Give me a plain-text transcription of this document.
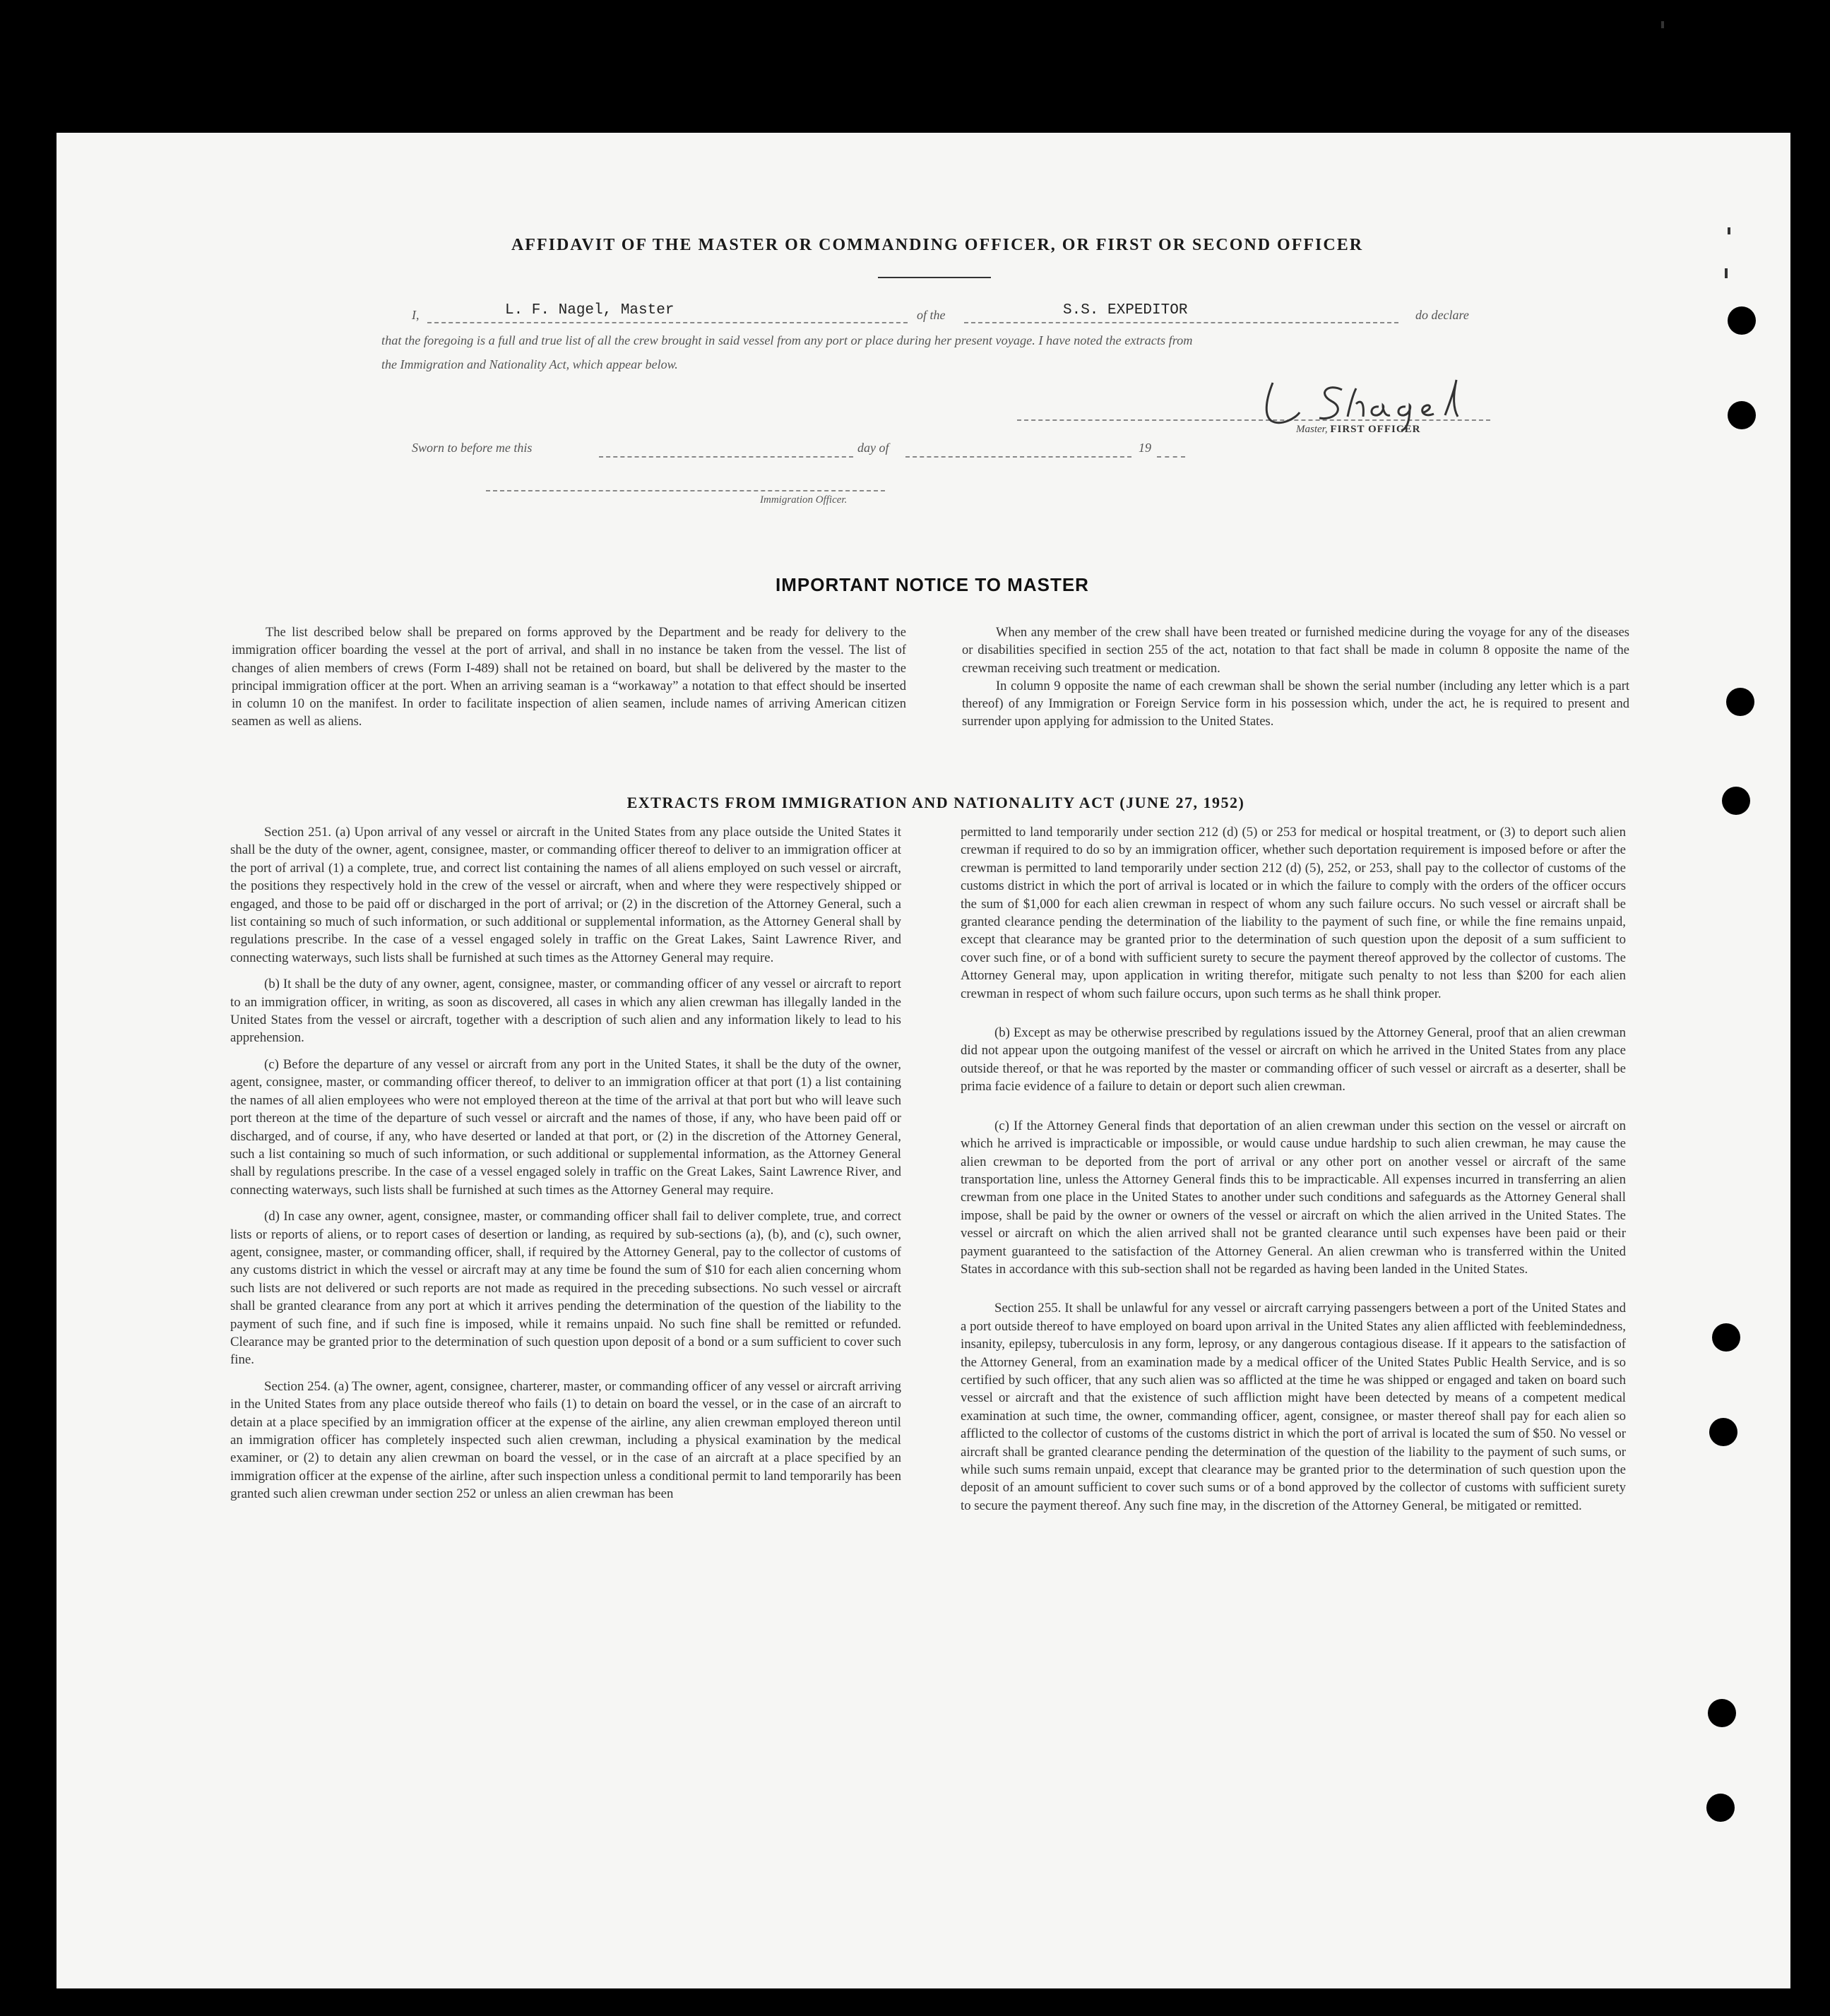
AFFIDAVIT OF THE MASTER OR COMMANDING OFFICER, OR FIRST OR SECOND OFFICER
I,	L. F. Nagel, Master	of the	S.S. EXPEDITOR	do declare
that the foregoing is a full and true list of all the crew brought in said vessel from any port or place during her present voyage. I have noted the extracts from
the Immigration and Nationality Act, which appear below.
Master, FIRST OFFICER
Sworn to before me this	day of	19
Immigration Officer.
IMPORTANT NOTICE TO MASTER

The list described below shall be prepared on forms approved by the Department and be ready for delivery to the immigration officer boarding the vessel at the port of arrival, and shall in no instance be taken from the vessel. The list of changes of alien members of crews (Form I-489) shall not be retained on board, but shall be delivered by the master to the principal immigration officer at the port. When an arriving seaman is a “workaway” a notation to that effect should be inserted in column 10 on the manifest. In order to facilitate inspection of alien seamen, include names of arriving American citizen seamen as well as aliens.

When any member of the crew shall have been treated or furnished medicine during the voyage for any of the diseases or disabilities specified in section 255 of the act, notation to that fact shall be made in column 8 opposite the name of the crewman receiving such treatment or medication.

In column 9 opposite the name of each crewman shall be shown the serial number (including any letter which is a part thereof) of any Immigration or Foreign Service form in his possession which, under the act, he is required to present and surrender upon applying for admission to the United States.

EXTRACTS FROM IMMIGRATION AND NATIONALITY ACT (JUNE 27, 1952)

Section 251. (a) Upon arrival of any vessel or aircraft in the United States from any place outside the United States it shall be the duty of the owner, agent, consignee, master, or commanding officer thereof to deliver to an immigration officer at the port of arrival (1) a complete, true, and correct list containing the names of all aliens employed on such vessel or aircraft, the positions they respectively hold in the crew of the vessel or aircraft, when and where they were respectively shipped or engaged, and those to be paid off or discharged in the port of arrival; or (2) in the discretion of the Attorney General, such a list containing so much of such information, or such additional or supplemental information, as the Attorney General shall by regulations prescribe. In the case of a vessel engaged solely in traffic on the Great Lakes, Saint Lawrence River, and connecting waterways, such lists shall be furnished at such times as the Attorney General may require.

(b) It shall be the duty of any owner, agent, consignee, master, or commanding officer of any vessel or aircraft to report to an immigration officer, in writing, as soon as discovered, all cases in which any alien crewman has illegally landed in the United States from the vessel or aircraft, together with a description of such alien and any information likely to lead to his apprehension.

(c) Before the departure of any vessel or aircraft from any port in the United States, it shall be the duty of the owner, agent, consignee, master, or commanding officer thereof, to deliver to an immigration officer at that port (1) a list containing the names of all alien employees who were not employed thereon at the time of the arrival at that port but who will leave such port thereon at the time of the departure of such vessel or aircraft and the names of those, if any, who have been paid off or discharged, and of course, if any, who have deserted or landed at that port, or (2) in the discretion of the Attorney General, such a list containing so much of such information, or such additional or supplemental information, as the Attorney General shall by regulations prescribe. In the case of a vessel engaged solely in traffic on the Great Lakes, Saint Lawrence River, and connecting waterways, such lists shall be furnished at such times as the Attorney General may require.

(d) In case any owner, agent, consignee, master, or commanding officer shall fail to deliver complete, true, and correct lists or reports of aliens, or to report cases of desertion or landing, as required by sub-sections (a), (b), and (c), such owner, agent, consignee, master, or commanding officer, shall, if required by the Attorney General, pay to the collector of customs of any customs district in which the vessel or aircraft may at any time be found the sum of $10 for each alien concerning whom such lists are not delivered or such reports are not made as required in the preceding subsections. No such vessel or aircraft shall be granted clearance from any port at which it arrives pending the determination of the question of the liability to the payment of such fine, and if such fine is imposed, while it remains unpaid. No such fine shall be remitted or refunded. Clearance may be granted prior to the determination of such question upon deposit of a bond or a sum sufficient to cover such fine.

Section 254. (a) The owner, agent, consignee, charterer, master, or commanding officer of any vessel or aircraft arriving in the United States from any place outside thereof who fails (1) to detain on board the vessel, or in the case of an aircraft to detain at a place specified by an immigration officer at the expense of the airline, any alien crewman employed thereon until an immigration officer has completely inspected such alien crewman, including a physical examination by the medical examiner, or (2) to detain any alien crewman on board the vessel, or in the case of an aircraft at a place specified by an immigration officer at the expense of the airline, after such inspection unless a conditional permit to land temporarily has been granted such alien crewman under section 252 or unless an alien crewman has been

permitted to land temporarily under section 212 (d) (5) or 253 for medical or hospital treatment, or (3) to deport such alien crewman if required to do so by an immigration officer, whether such deportation requirement is imposed before or after the crewman is permitted to land temporarily under section 212 (d) (5), 252, or 253, shall pay to the collector of customs of the customs district in which the port of arrival is located or in which the failure to comply with the orders of the officer occurs the sum of $1,000 for each alien crewman in respect of whom any such failure occurs. No such vessel or aircraft shall be granted clearance pending the determination of the liability to the payment of such fine, or while the fine remains unpaid, except that clearance may be granted prior to the determination of such question upon the deposit of a sum sufficient to cover such fine, or of a bond with sufficient surety to secure the payment thereof approved by the collector of customs. The Attorney General may, upon application in writing therefor, mitigate such penalty to not less than $200 for each alien crewman in respect of whom such failure occurs, upon such terms as he shall think proper.

(b) Except as may be otherwise prescribed by regulations issued by the Attorney General, proof that an alien crewman did not appear upon the outgoing manifest of the vessel or aircraft on which he arrived in the United States from any place outside thereof, or that he was reported by the master or commanding officer of such vessel or aircraft as a deserter, shall be prima facie evidence of a failure to detain or deport such alien crewman.

(c) If the Attorney General finds that deportation of an alien crewman under this section on the vessel or aircraft on which he arrived is impracticable or impossible, or would cause undue hardship to such alien crewman, he may cause the alien crewman to be deported from the port of arrival or any other port on another vessel or aircraft of the same transportation line, unless the Attorney General finds this to be impracticable. All expenses incurred in transferring an alien crewman from one place in the United States to another under such conditions and safeguards as the Attorney General shall impose, shall be paid by the owner or owners of the vessel or aircraft on which the alien arrived in the United States. The vessel or aircraft on which the alien arrived shall not be granted clearance until such expenses have been paid or their payment guaranteed to the satisfaction of the Attorney General. An alien crewman who is transferred within the United States in accordance with this sub-section shall not be regarded as having been landed in the United States.

Section 255. It shall be unlawful for any vessel or aircraft carrying passengers between a port of the United States and a port outside thereof to have employed on board upon arrival in the United States any alien afflicted with feeblemindedness, insanity, epilepsy, tuberculosis in any form, leprosy, or any dangerous contagious disease. If it appears to the satisfaction of the Attorney General, from an examination made by a medical officer of the United States Public Health Service, and is so certified by such officer, that any such alien was so afflicted at the time he was shipped or engaged and taken on board such vessel or aircraft and that the existence of such affliction might have been detected by means of a competent medical examination at such time, the owner, commanding officer, agent, consignee, or master thereof shall pay for each alien so afflicted to the collector of customs of the customs district in which the port of arrival is located the sum of $50. No vessel or aircraft shall be granted clearance pending the determination of the question of the liability to the payment of such sums, or while such sums remain unpaid, except that clearance may be granted prior to the determination of such question upon the deposit of an amount sufficient to cover such sums or of a bond approved by the collector of customs with sufficient surety to secure the payment thereof. Any such fine may, in the discretion of the Attorney General, be mitigated or remitted.
